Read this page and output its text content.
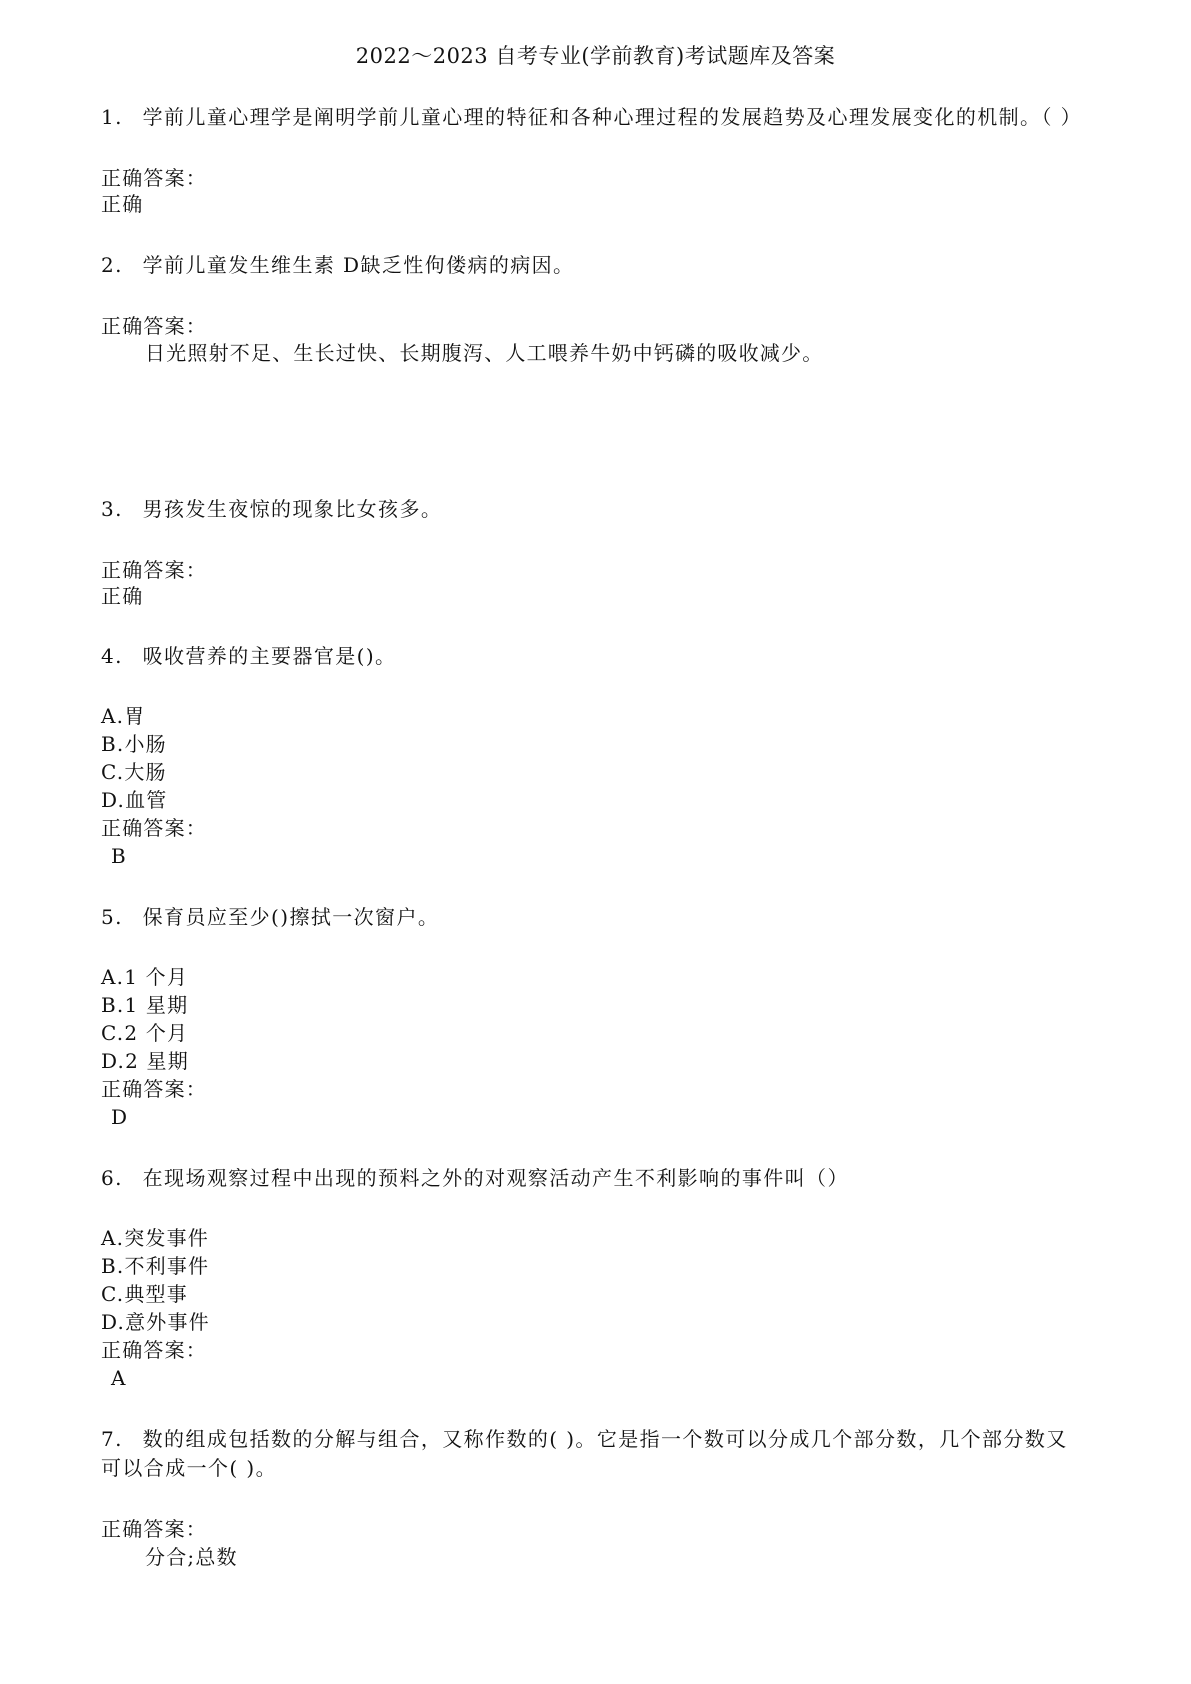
2022～2023 自考专业(学前教育)考试题库及答案
1. 学前儿童心理学是阐明学前儿童心理的特征和各种心理过程的发展趋势及心理发展变化的机制。（ ）
正确答案：
正确
2. 学前儿童发生维生素 D缺乏性佝偻病的病因。
正确答案：
日光照射不足、生长过快、长期腹泻、人工喂养牛奶中钙磷的吸收减少。
3. 男孩发生夜惊的现象比女孩多。
正确答案：
正确
4. 吸收营养的主要器官是()。
A.胃
B.小肠
C.大肠
D.血管
正确答案：
B
5. 保育员应至少()擦拭一次窗户。
A.1 个月
B.1 星期
C.2 个月
D.2 星期
正确答案：
D
6. 在现场观察过程中出现的预料之外的对观察活动产生不利影响的事件叫（）
A.突发事件
B.不利事件
C.典型事
D.意外事件
正确答案：
A
7. 数的组成包括数的分解与组合，又称作数的( )。它是指一个数可以分成几个部分数，几个部分数又
可以合成一个( )。
正确答案：
分合;总数
